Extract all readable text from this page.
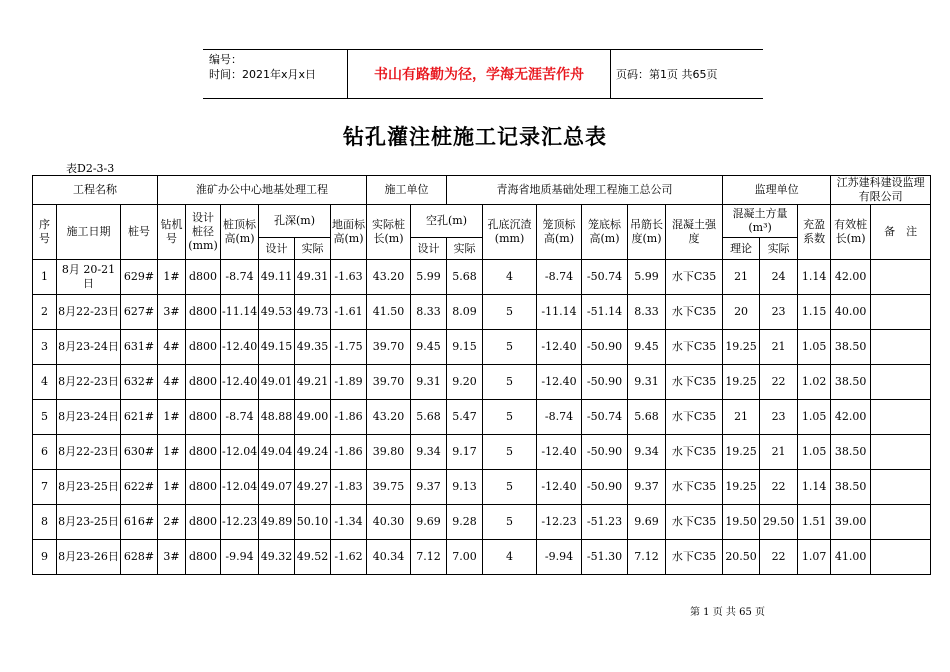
编号：
时间：2021年x月x日	书山有路勤为径，学海无涯苦作舟	页码：第1页 共65页
钻孔灌注桩施工记录汇总表
表D2-3-3
工程名称			淮矿办公中心地基处理工程						施工单位		青海省地质基础处理工程施工总公司						监理单位			江苏建科建设监理有限公司	
序号	施工日期	桩号	钻机号	设计桩径(mm)	桩顶标高(m)	孔深(m)		地面标高(m)	实际桩长(m)	空孔(m)		孔底沉渣(mm)	笼顶标高(m)	笼底标高(m)	吊筋长度(m)	混凝土强度	混凝土方量(m³)		充盈系数	有效桩长(m)	备　注
						设计	实际			设计	实际						理论	实际			
1	8月 20-21日	629#	1#	d800	-8.74	49.11	49.31	-1.63	43.20	5.99	5.68	4	-8.74	-50.74	5.99	水下C35	21	24	1.14	42.00	
2	8月22-23日	627#	3#	d800	-11.14	49.53	49.73	-1.61	41.50	8.33	8.09	5	-11.14	-51.14	8.33	水下C35	20	23	1.15	40.00	
3	8月23-24日	631#	4#	d800	-12.40	49.15	49.35	-1.75	39.70	9.45	9.15	5	-12.40	-50.90	9.45	水下C35	19.25	21	1.05	38.50	
4	8月22-23日	632#	4#	d800	-12.40	49.01	49.21	-1.89	39.70	9.31	9.20	5	-12.40	-50.90	9.31	水下C35	19.25	22	1.02	38.50	
5	8月23-24日	621#	1#	d800	-8.74	48.88	49.00	-1.86	43.20	5.68	5.47	5	-8.74	-50.74	5.68	水下C35	21	23	1.05	42.00	
6	8月22-23日	630#	1#	d800	-12.04	49.04	49.24	-1.86	39.80	9.34	9.17	5	-12.40	-50.90	9.34	水下C35	19.25	21	1.05	38.50	
7	8月23-25日	622#	1#	d800	-12.04	49.07	49.27	-1.83	39.75	9.37	9.13	5	-12.40	-50.90	9.37	水下C35	19.25	22	1.14	38.50	
8	8月23-25日	616#	2#	d800	-12.23	49.89	50.10	-1.34	40.30	9.69	9.28	5	-12.23	-51.23	9.69	水下C35	19.50	29.50	1.51	39.00	
9	8月23-26日	628#	3#	d800	-9.94	49.32	49.52	-1.62	40.34	7.12	7.00	4	-9.94	-51.30	7.12	水下C35	20.50	22	1.07	41.00	
第 1 页 共 65 页
